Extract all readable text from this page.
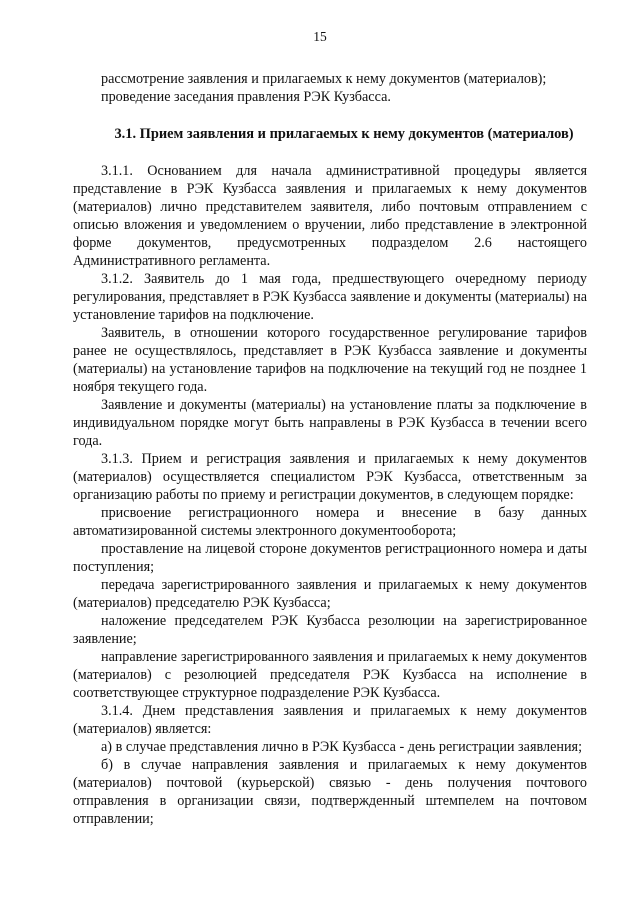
15

рассмотрение заявления и прилагаемых к нему документов (материалов);

проведение заседания правления РЭК Кузбасса.

3.1. Прием заявления и прилагаемых к нему документов (материалов)

3.1.1. Основанием для начала административной процедуры является представление в РЭК Кузбасса заявления и прилагаемых к нему документов (материалов) лично представителем заявителя, либо почтовым отправлением с описью вложения и уведомлением о вручении, либо представление в электронной форме документов, предусмотренных подразделом 2.6 настоящего Административного регламента.

3.1.2. Заявитель до 1 мая года, предшествующего очередному периоду регулирования, представляет в РЭК Кузбасса заявление и документы (материалы) на установление тарифов на подключение.

Заявитель, в отношении которого государственное регулирование тарифов ранее не осуществлялось, представляет в РЭК Кузбасса заявление и документы (материалы) на установление тарифов на подключение на текущий год не позднее 1 ноября текущего года.

Заявление и документы (материалы) на установление платы за подключение в индивидуальном порядке могут быть направлены в РЭК Кузбасса в течении всего года.

3.1.3. Прием и регистрация заявления и прилагаемых к нему документов (материалов) осуществляется специалистом РЭК Кузбасса, ответственным за организацию работы по приему и регистрации документов, в следующем порядке:

присвоение регистрационного номера и внесение в базу данных автоматизированной системы электронного документооборота;

проставление на лицевой стороне документов регистрационного номера и даты поступления;

передача зарегистрированного заявления и прилагаемых к нему документов (материалов) председателю РЭК Кузбасса;

наложение председателем РЭК Кузбасса резолюции на зарегистрированное заявление;

направление зарегистрированного заявления и прилагаемых к нему документов (материалов) с резолюцией председателя РЭК Кузбасса на исполнение в соответствующее структурное подразделение РЭК Кузбасса.

3.1.4. Днем представления заявления и прилагаемых к нему документов (материалов) является:

а) в случае представления лично в РЭК Кузбасса - день регистрации заявления;

б) в случае направления заявления и прилагаемых к нему документов (материалов) почтовой (курьерской) связью - день получения почтового отправления в организации связи, подтвержденный штемпелем на почтовом отправлении;
